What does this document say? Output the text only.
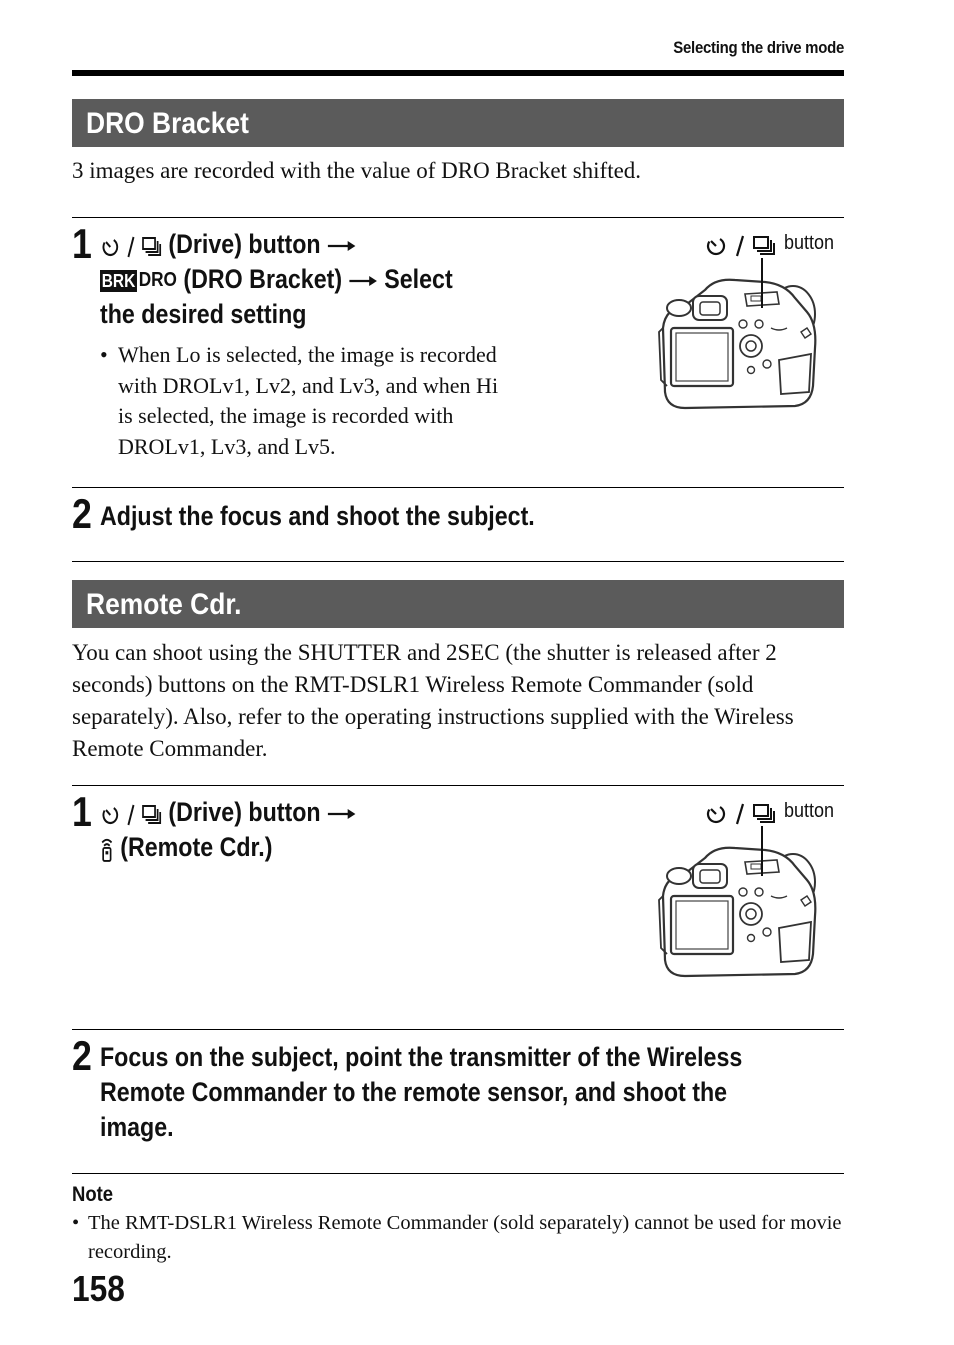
Selecting the drive mode
DRO Bracket
3 images are recorded with the value of DRO Bracket shifted.
1	(Drive) button
BRK DRO (DRO Bracket) Select
the desired setting
• When Lo is selected, the image is recorded with DROLv1, Lv2, and Lv3, and when Hi is selected, the image is recorded with DROLv1, Lv3, and Lv5.
button
2 Adjust the focus and shoot the subject.
Remote Cdr.
You can shoot using the SHUTTER and 2SEC (the shutter is released after 2 seconds) buttons on the RMT-DSLR1 Wireless Remote Commander (sold separately). Also, refer to the operating instructions supplied with the Wireless Remote Commander.
1	(Drive) button
(Remote Cdr.)
button
2 Focus on the subject, point the transmitter of the Wireless
Remote Commander to the remote sensor, and shoot the
image.
Note
• The RMT-DSLR1 Wireless Remote Commander (sold separately) cannot be used for movie recording.
158
